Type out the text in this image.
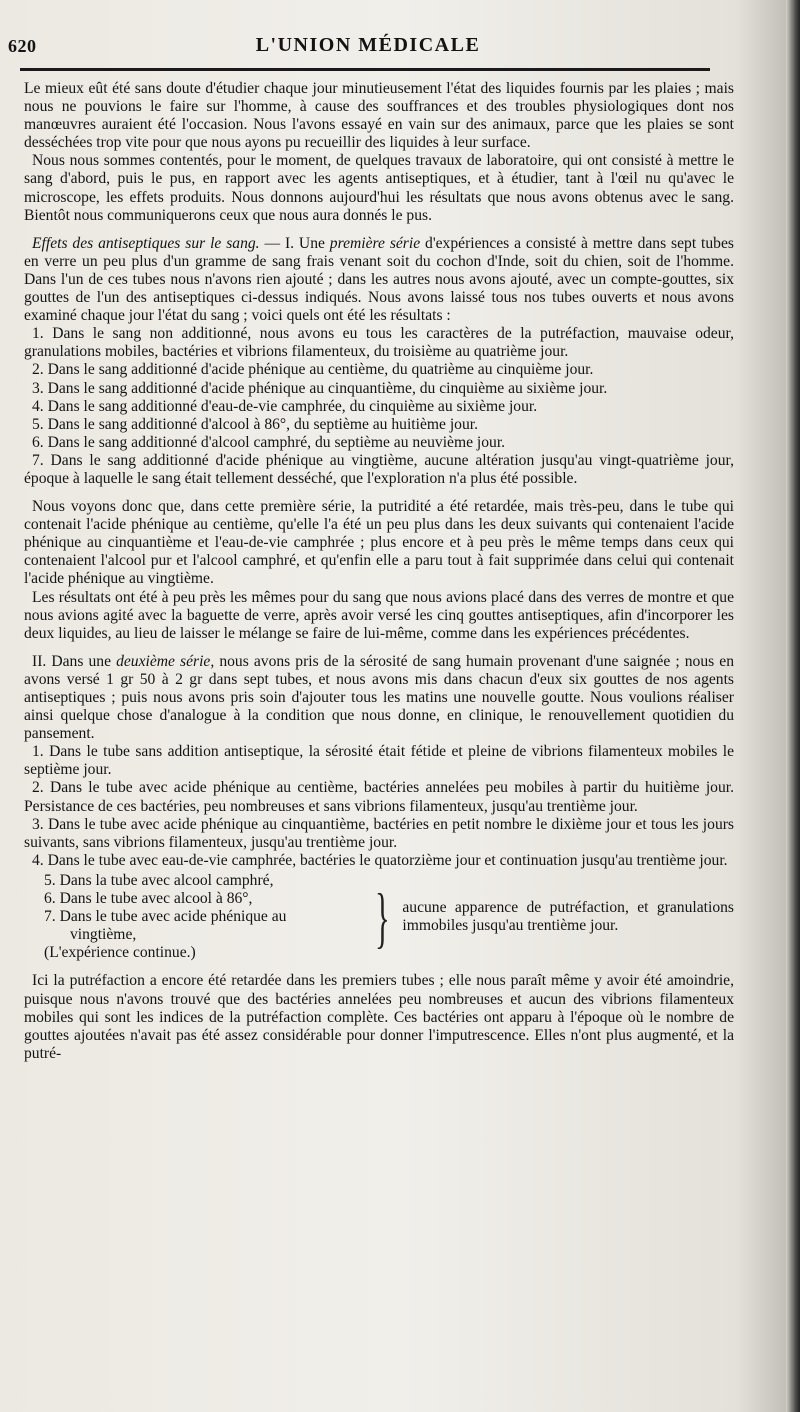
620	L'UNION MÉDICALE

Le mieux eût été sans doute d'étudier chaque jour minutieusement l'état des liquides fournis par les plaies ; mais nous ne pouvions le faire sur l'homme, à cause des souffrances et des troubles physiologiques dont nos manœuvres auraient été l'occasion. Nous l'avons essayé en vain sur des animaux, parce que les plaies se sont desséchées trop vite pour que nous ayons pu recueillir des liquides à leur surface.

Nous nous sommes contentés, pour le moment, de quelques travaux de laboratoire, qui ont consisté à mettre le sang d'abord, puis le pus, en rapport avec les agents antiseptiques, et à étudier, tant à l'œil nu qu'avec le microscope, les effets produits. Nous donnons aujourd'hui les résultats que nous avons obtenus avec le sang. Bientôt nous communiquerons ceux que nous aura donnés le pus.

Effets des antiseptiques sur le sang. — I. Une première série d'expériences a consisté à mettre dans sept tubes en verre un peu plus d'un gramme de sang frais venant soit du cochon d'Inde, soit du chien, soit de l'homme. Dans l'un de ces tubes nous n'avons rien ajouté ; dans les autres nous avons ajouté, avec un compte-gouttes, six gouttes de l'un des antiseptiques ci-dessus indiqués. Nous avons laissé tous nos tubes ouverts et nous avons examiné chaque jour l'état du sang ; voici quels ont été les résultats :

1. Dans le sang non additionné, nous avons eu tous les caractères de la putréfaction, mauvaise odeur, granulations mobiles, bactéries et vibrions filamenteux, du troisième au quatrième jour.

2. Dans le sang additionné d'acide phénique au centième, du quatrième au cinquième jour.

3. Dans le sang additionné d'acide phénique au cinquantième, du cinquième au sixième jour.

4. Dans le sang additionné d'eau-de-vie camphrée, du cinquième au sixième jour.

5. Dans le sang additionné d'alcool à 86°, du septième au huitième jour.

6. Dans le sang additionné d'alcool camphré, du septième au neuvième jour.

7. Dans le sang additionné d'acide phénique au vingtième, aucune altération jusqu'au vingt-quatrième jour, époque à laquelle le sang était tellement desséché, que l'exploration n'a plus été possible.

Nous voyons donc que, dans cette première série, la putridité a été retardée, mais très-peu, dans le tube qui contenait l'acide phénique au centième, qu'elle l'a été un peu plus dans les deux suivants qui contenaient l'acide phénique au cinquantième et l'eau-de-vie camphrée ; plus encore et à peu près le même temps dans ceux qui contenaient l'alcool pur et l'alcool camphré, et qu'enfin elle a paru tout à fait supprimée dans celui qui contenait l'acide phénique au vingtième.

Les résultats ont été à peu près les mêmes pour du sang que nous avions placé dans des verres de montre et que nous avions agité avec la baguette de verre, après avoir versé les cinq gouttes antiseptiques, afin d'incorporer les deux liquides, au lieu de laisser le mélange se faire de lui-même, comme dans les expériences précédentes.

II. Dans une deuxième série, nous avons pris de la sérosité de sang humain provenant d'une saignée ; nous en avons versé 1 gr 50 à 2 gr dans sept tubes, et nous avons mis dans chacun d'eux six gouttes de nos agents antiseptiques ; puis nous avons pris soin d'ajouter tous les matins une nouvelle goutte. Nous voulions réaliser ainsi quelque chose d'analogue à la condition que nous donne, en clinique, le renouvellement quotidien du pansement.

1. Dans le tube sans addition antiseptique, la sérosité était fétide et pleine de vibrions filamenteux mobiles le septième jour.

2. Dans le tube avec acide phénique au centième, bactéries annelées peu mobiles à partir du huitième jour. Persistance de ces bactéries, peu nombreuses et sans vibrions filamenteux, jusqu'au trentième jour.

3. Dans le tube avec acide phénique au cinquantième, bactéries en petit nombre le dixième jour et tous les jours suivants, sans vibrions filamenteux, jusqu'au trentième jour.

4. Dans le tube avec eau-de-vie camphrée, bactéries le quatorzième jour et continuation jusqu'au trentième jour.

5. Dans la tube avec alcool camphré,
6. Dans le tube avec alcool à 86°,
7. Dans le tube avec acide phénique au
vingtième,
(L'expérience continue.)	} aucune apparence de putréfaction, et granulations immobiles jusqu'au trentième jour.

Ici la putréfaction a encore été retardée dans les premiers tubes ; elle nous paraît même y avoir été amoindrie, puisque nous n'avons trouvé que des bactéries annelées peu nombreuses et aucun des vibrions filamenteux mobiles qui sont les indices de la putréfaction complète. Ces bactéries ont apparu à l'époque où le nombre de gouttes ajoutées n'avait pas été assez considérable pour donner l'imputrescence. Elles n'ont plus augmenté, et la putré-
